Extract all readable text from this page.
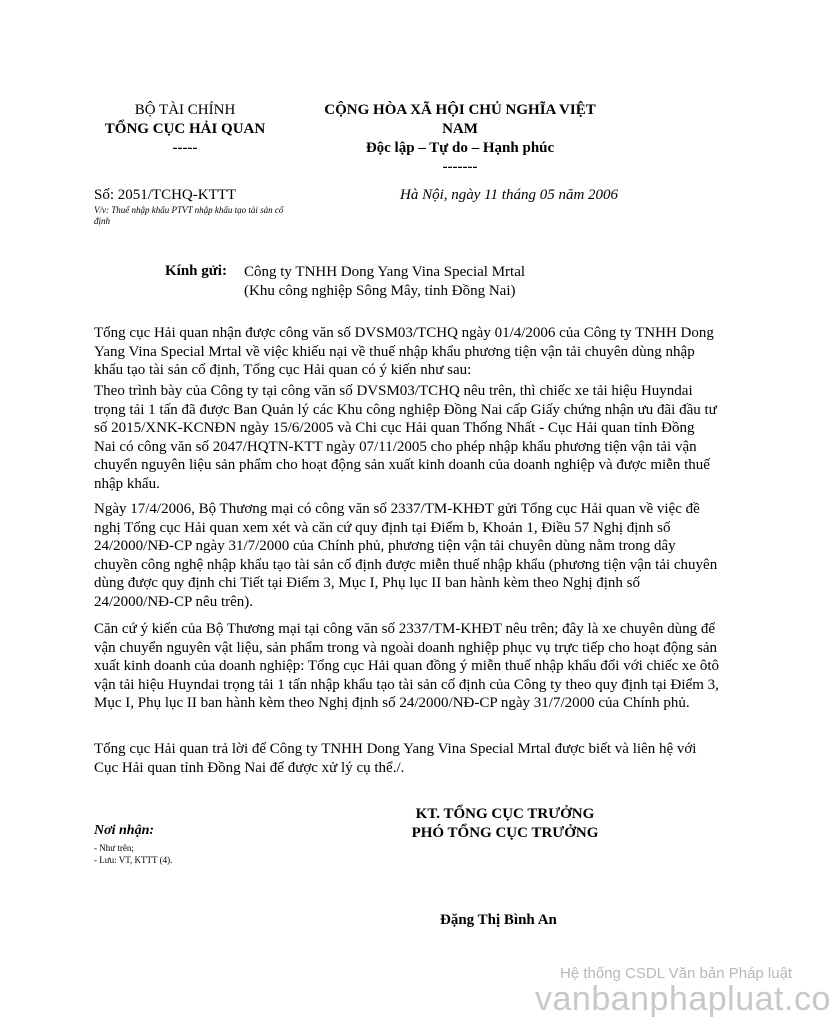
BỘ TÀI CHÍNH
TỔNG CỤC HẢI QUAN
-----
CỘNG HÒA XÃ HỘI CHỦ NGHĨA VIỆT
NAM
Độc lập – Tự do – Hạnh phúc
-------
Số: 2051/TCHQ-KTTT
V/v: Thuế nhập khẩu PTVT nhập khẩu tạo tài sản cố định
Hà Nội, ngày 11 tháng 05 năm 2006
Kính gửi: Công ty TNHH Dong Yang Vina Special Mrtal
(Khu công nghiệp Sông Mây, tỉnh Đồng Nai)
Tổng cục Hải quan nhận được công văn số DVSM03/TCHQ ngày 01/4/2006 của Công ty TNHH Dong Yang Vina Special Mrtal về việc khiếu nại về thuế nhập khẩu phương tiện vận tải chuyên dùng nhập khẩu tạo tài sản cố định, Tổng cục Hải quan có ý kiến như sau:
Theo trình bày của Công ty tại công văn số DVSM03/TCHQ nêu trên, thì chiếc xe tải hiệu Huyndai trọng tải 1 tấn đã được Ban Quản lý các Khu công nghiệp Đồng Nai cấp Giấy chứng nhận ưu đãi đầu tư số 2015/XNK-KCNĐN ngày 15/6/2005 và Chi cục Hải quan Thống Nhất - Cục Hải quan tỉnh Đồng Nai có công văn số 2047/HQTN-KTT ngày 07/11/2005 cho phép nhập khẩu phương tiện vận tải vận chuyển nguyên liệu sản phẩm cho hoạt động sản xuất kinh doanh của doanh nghiệp và được miễn thuế nhập khẩu.
Ngày 17/4/2006, Bộ Thương mại có công văn số 2337/TM-KHĐT gửi Tổng cục Hải quan về việc đề nghị Tổng cục Hải quan xem xét và căn cứ quy định tại Điểm b, Khoản 1, Điều 57 Nghị định số 24/2000/NĐ-CP ngày 31/7/2000 của Chính phủ, phương tiện vận tải chuyên dùng nằm trong dây chuyền công nghệ nhập khẩu tạo tài sản cố định được miễn thuế nhập khẩu (phương tiện vận tải chuyên dùng được quy định chi Tiết tại Điểm 3, Mục I, Phụ lục II ban hành kèm theo Nghị định số 24/2000/NĐ-CP nêu trên).
Căn cứ ý kiến của Bộ Thương mại tại công văn số 2337/TM-KHĐT nêu trên; đây là xe chuyên dùng để vận chuyển nguyên vật liệu, sản phẩm trong và ngoài doanh nghiệp phục vụ trực tiếp cho hoạt động sản xuất kinh doanh của doanh nghiệp: Tổng cục Hải quan đồng ý miễn thuế nhập khẩu đối với chiếc xe ôtô vận tải hiệu Huyndai trọng tải 1 tấn nhập khẩu tạo tài sản cố định của Công ty theo quy định tại Điểm 3, Mục I, Phụ lục II ban hành kèm theo Nghị định số 24/2000/NĐ-CP ngày 31/7/2000 của Chính phủ.
Tổng cục Hải quan trả lời để Công ty TNHH Dong Yang Vina Special Mrtal được biết và liên hệ với Cục Hải quan tỉnh Đồng Nai để được xử lý cụ thể./.
KT. TỔNG CỤC TRƯỞNG
PHÓ TỔNG CỤC TRƯỞNG
Nơi nhận:
- Như trên;
- Lưu: VT, KTTT (4).
Đặng Thị Bình An
Hệ thống CSDL Văn bản Pháp luật
vanbanphapluat.co
